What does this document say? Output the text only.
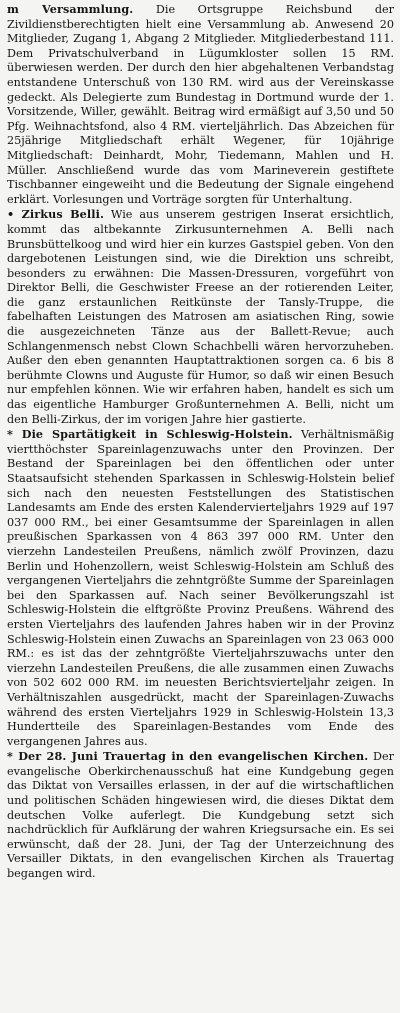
m Versammlung. Die Ortsgruppe Reichsbund der Zivildienstberechtigten hielt eine Versammlung ab. Anwesend 20 Mitglieder, Zugang 1, Abgang 2 Mitglieder. Mitgliederbestand 111. Dem Privatschulverband in Lügumkloster sollen 15 RM. überwiesen werden. Der durch den hier abgehaltenen Verbandstag entstandene Unterschuß von 130 RM. wird aus der Vereinskasse gedeckt. Als Delegierte zum Bundestag in Dortmund wurde der 1. Vorsitzende, Willer, gewählt. Beitrag wird ermäßigt auf 3,50 und 50 Pfg. Weihnachtsfond, also 4 RM. vierteljährlich. Das Abzeichen für 25jährige Mitgliedschaft erhält Wegener, für 10jährige Mitgliedschaft: Deinhardt, Mohr, Tiedemann, Mahlen und H. Müller. Anschließend wurde das vom Marineverein gestiftete Tischbanner eingeweiht und die Bedeutung der Signale eingehend erklärt. Vorlesungen und Vorträge sorgten für Unterhaltung.

• Zirkus Belli. Wie aus unserem gestrigen Inserat ersichtlich, kommt das altbekannte Zirkusunternehmen A. Belli nach Brunsbüttelkoog und wird hier ein kurzes Gastspiel geben. Von den dargebotenen Leistungen sind, wie die Direktion uns schreibt, besonders zu erwähnen: Die Massen-Dressuren, vorgeführt von Direktor Belli, die Geschwister Freese an der rotierenden Leiter, die ganz erstaunlichen Reitkünste der Tansly-Truppe, die fabelhaften Leistungen des Matrosen am asiatischen Ring, sowie die ausgezeichneten Tänze aus der Ballett-Revue; auch Schlangenmensch nebst Clown Schachbelli wären hervorzuheben. Außer den eben genannten Hauptattraktionen sorgen ca. 6 bis 8 berühmte Clowns und Auguste für Humor, so daß wir einen Besuch nur empfehlen können. Wie wir erfahren haben, handelt es sich um das eigentliche Hamburger Großunternehmen A. Belli, nicht um den Belli-Zirkus, der im vorigen Jahre hier gastierte.

* Die Spartätigkeit in Schleswig-Holstein. Verhältnismäßig viertthöchster Spareinlagenzuwachs unter den Provinzen. Der Bestand der Spareinlagen bei den öffentlichen oder unter Staatsaufsicht stehenden Sparkassen in Schleswig-Holstein belief sich nach den neuesten Feststellungen des Statistischen Landesamts am Ende des ersten Kalendervierteljahrs 1929 auf 197 037 000 RM., bei einer Gesamtsumme der Spareinlagen in allen preußischen Sparkassen von 4 863 397 000 RM. Unter den vierzehn Landesteilen Preußens, nämlich zwölf Provinzen, dazu Berlin und Hohenzollern, weist Schleswig-Holstein am Schluß des vergangenen Vierteljahrs die zehntgrößte Summe der Spareinlagen bei den Sparkassen auf. Nach seiner Bevölkerungszahl ist Schleswig-Holstein die elftgrößte Provinz Preußens. Während des ersten Vierteljahrs des laufenden Jahres haben wir in der Provinz Schleswig-Holstein einen Zuwachs an Spareinlagen von 23 063 000 RM.: es ist das der zehntgrößte Vierteljahrszuwachs unter den vierzehn Landesteilen Preußens, die alle zusammen einen Zuwachs von 502 602 000 RM. im neuesten Berichtsvierteljahr zeigen. In Verhältniszahlen ausgedrückt, macht der Spareinlagen-Zuwachs während des ersten Vierteljahrs 1929 in Schleswig-Holstein 13,3 Hundertteile des Spareinlagen-Bestandes vom Ende des vergangenen Jahres aus.

* Der 28. Juni Trauertag in den evangelischen Kirchen. Der evangelische Oberkirchenausschuß hat eine Kundgebung gegen das Diktat von Versailles erlassen, in der auf die wirtschaftlichen und politischen Schäden hingewiesen wird, die dieses Diktat dem deutschen Volke auferlegt. Die Kundgebung setzt sich nachdrücklich für Aufklärung der wahren Kriegsursache ein. Es sei erwünscht, daß der 28. Juni, der Tag der Unterzeichnung des Versailler Diktats, in den evangelischen Kirchen als Trauertag begangen wird.
